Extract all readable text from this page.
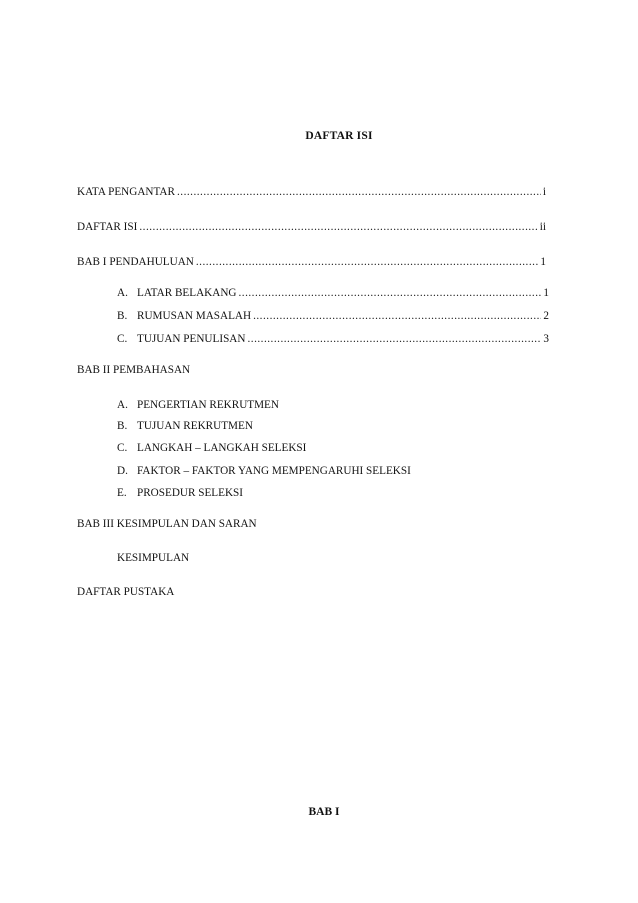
DAFTAR ISI
KATA PENGANTAR .....	i
DAFTAR ISI .....	ii
BAB I PENDAHULUAN .....	1
A. LATAR BELAKANG .....	1
B. RUMUSAN MASALAH .....	2
C. TUJUAN PENULISAN .....	3
BAB II PEMBAHASAN
A. PENGERTIAN REKRUTMEN
B. TUJUAN REKRUTMEN
C. LANGKAH – LANGKAH SELEKSI
D. FAKTOR – FAKTOR YANG MEMPENGARUHI SELEKSI
E. PROSEDUR SELEKSI
BAB III KESIMPULAN DAN SARAN
KESIMPULAN
DAFTAR PUSTAKA
BAB I
